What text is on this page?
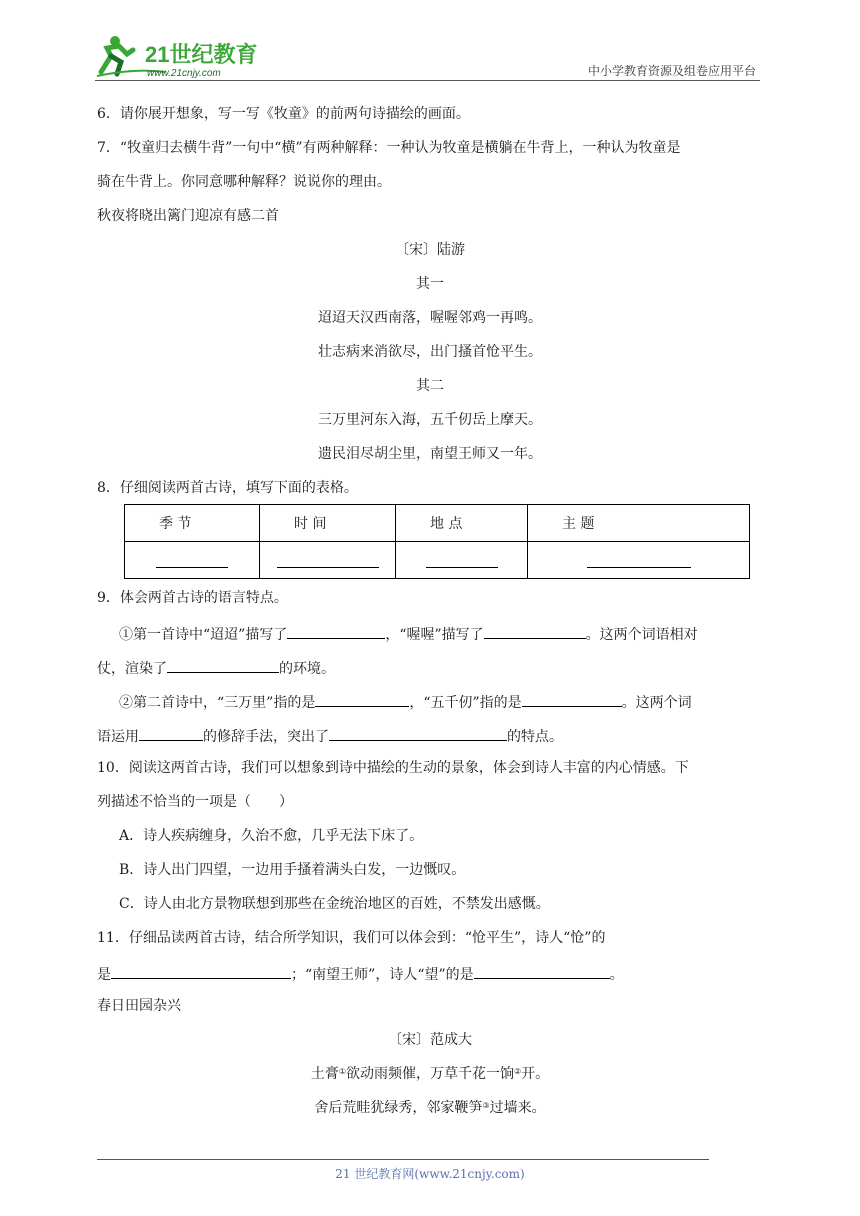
21世纪教育
www.21cnjy.com	中小学教育资源及组卷应用平台
6．请你展开想象，写一写《牧童》的前两句诗描绘的画面。
7．“牧童归去横牛背”一句中“横”有两种解释：一种认为牧童是横躺在牛背上，一种认为牧童是
骑在牛背上。你同意哪种解释？说说你的理由。
秋夜将晓出篱门迎凉有感二首
〔宋〕陆游
其一
迢迢天汉西南落，喔喔邻鸡一再鸣。
壮志病来消欲尽，出门搔首怆平生。
其二
三万里河东入海，五千仞岳上摩天。
遗民泪尽胡尘里，南望王师又一年。
8．仔细阅读两首古诗，填写下面的表格。
季 节	时 间	地 点	主 题

9．体会两首古诗的语言特点。
①第一首诗中“迢迢”描写了	，“喔喔”描写了	。这两个词语相对
仗，渲染了	的环境。
②第二首诗中，“三万里”指的是	，“五千仞”指的是	。这两个词
语运用	的修辞手法，突出了	的特点。
10．阅读这两首古诗，我们可以想象到诗中描绘的生动的景象，体会到诗人丰富的内心情感。下
列描述不恰当的一项是（　　）
A．诗人疾病缠身，久治不愈，几乎无法下床了。
B．诗人出门四望，一边用手搔着满头白发，一边慨叹。
C．诗人由北方景物联想到那些在金统治地区的百姓，不禁发出感慨。
11．仔细品读两首古诗，结合所学知识，我们可以体会到：“怆平生”，诗人“怆”的
是	；“南望王师”，诗人“望”的是	。
春日田园杂兴
〔宋〕范成大
土膏①欲动雨频催，万草千花一饷②开。
舍后荒畦犹绿秀，邻家鞭笋③过墙来。
21 世纪教育网(www.21cnjy.com)
